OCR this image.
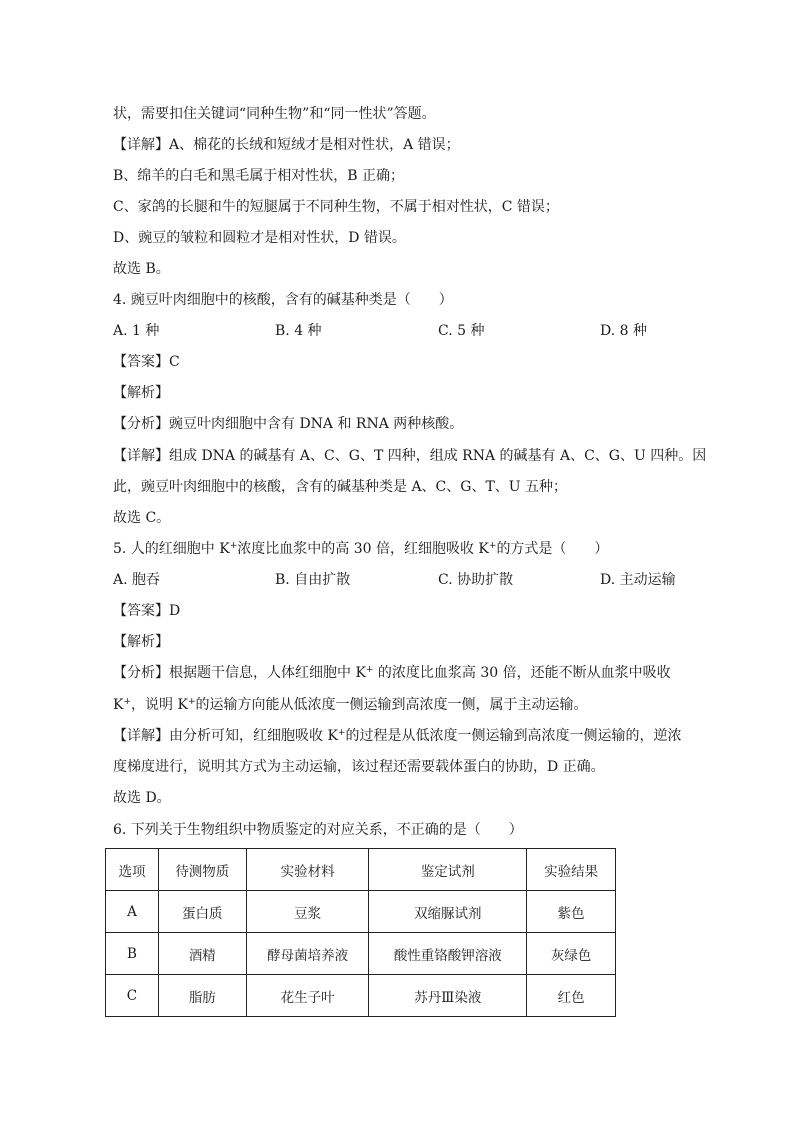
状，需要扣住关键词“同种生物”和“同一性状”答题。
【详解】A、棉花的长绒和短绒才是相对性状，A 错误；
B、绵羊的白毛和黑毛属于相对性状，B 正确；
C、家鸽的长腿和牛的短腿属于不同种生物，不属于相对性状，C 错误；
D、豌豆的皱粒和圆粒才是相对性状，D 错误。
故选 B。
4. 豌豆叶肉细胞中的核酸，含有的碱基种类是（　　）
A. 1 种	B. 4 种	C. 5 种	D. 8 种
【答案】C
【解析】
【分析】豌豆叶肉细胞中含有 DNA 和 RNA 两种核酸。
【详解】组成 DNA 的碱基有 A、C、G、T 四种，组成 RNA 的碱基有 A、C、G、U 四种。因
此，豌豆叶肉细胞中的核酸，含有的碱基种类是 A、C、G、T、U 五种；
故选 C。
5. 人的红细胞中 K+浓度比血浆中的高 30 倍，红细胞吸收 K+的方式是（　　）
A. 胞吞	B. 自由扩散	C. 协助扩散	D. 主动运输
【答案】D
【解析】
【分析】根据题干信息，人体红细胞中 K+ 的浓度比血浆高 30 倍，还能不断从血浆中吸收
K+，说明 K+的运输方向能从低浓度一侧运输到高浓度一侧，属于主动运输。
【详解】由分析可知，红细胞吸收 K+的过程是从低浓度一侧运输到高浓度一侧运输的，逆浓
度梯度进行，说明其方式为主动运输，该过程还需要载体蛋白的协助，D 正确。
故选 D。
6. 下列关于生物组织中物质鉴定的对应关系，不正确的是（　　）
选项	待测物质	实验材料	鉴定试剂	实验结果
A	蛋白质	豆浆	双缩脲试剂	紫色
B	酒精	酵母菌培养液	酸性重铬酸钾溶液	灰绿色
C	脂肪	花生子叶	苏丹Ⅲ染液	红色
